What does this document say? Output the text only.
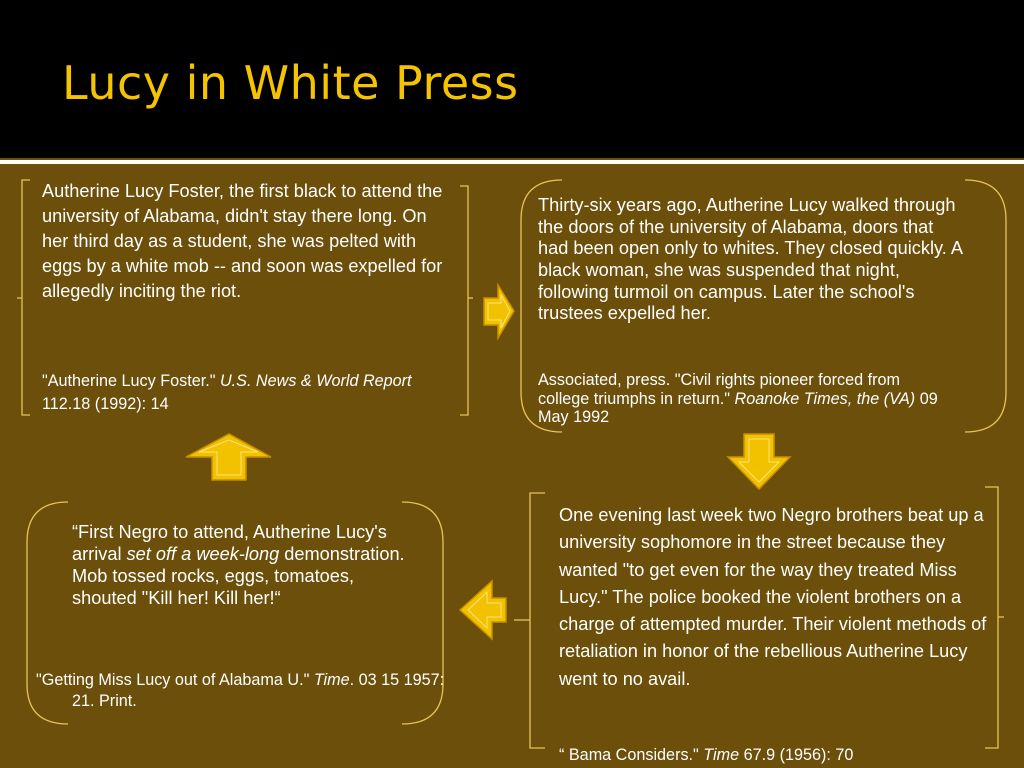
Lucy in White Press

Autherine Lucy Foster, the first black to attend the university of Alabama, didn't stay there long. On her third day as a student, she was pelted with eggs by a white mob -- and soon was expelled for allegedly inciting the riot.

"Autherine Lucy Foster." U.S. News & World Report 112.18 (1992): 14

Thirty-six years ago, Autherine Lucy walked through the doors of the university of Alabama, doors that had been open only to whites. They closed quickly. A black woman, she was suspended that night, following turmoil on campus. Later the school's trustees expelled her.

Associated, press. "Civil rights pioneer forced from college triumphs in return." Roanoke Times, the (VA) 09 May 1992

One evening last week two Negro brothers beat up a university sophomore in the street because they wanted "to get even for the way they treated Miss Lucy." The police booked the violent brothers on a charge of attempted murder. Their violent methods of retaliation in honor of the rebellious Autherine Lucy went to no avail.

“ Bama Considers." Time 67.9 (1956): 70

“First Negro to attend, Autherine Lucy's arrival set off a week-long demonstration. Mob tossed rocks, eggs, tomatoes, shouted "Kill her! Kill her!“

"Getting Miss Lucy out of Alabama U." Time. 03 15 1957: 21. Print.
